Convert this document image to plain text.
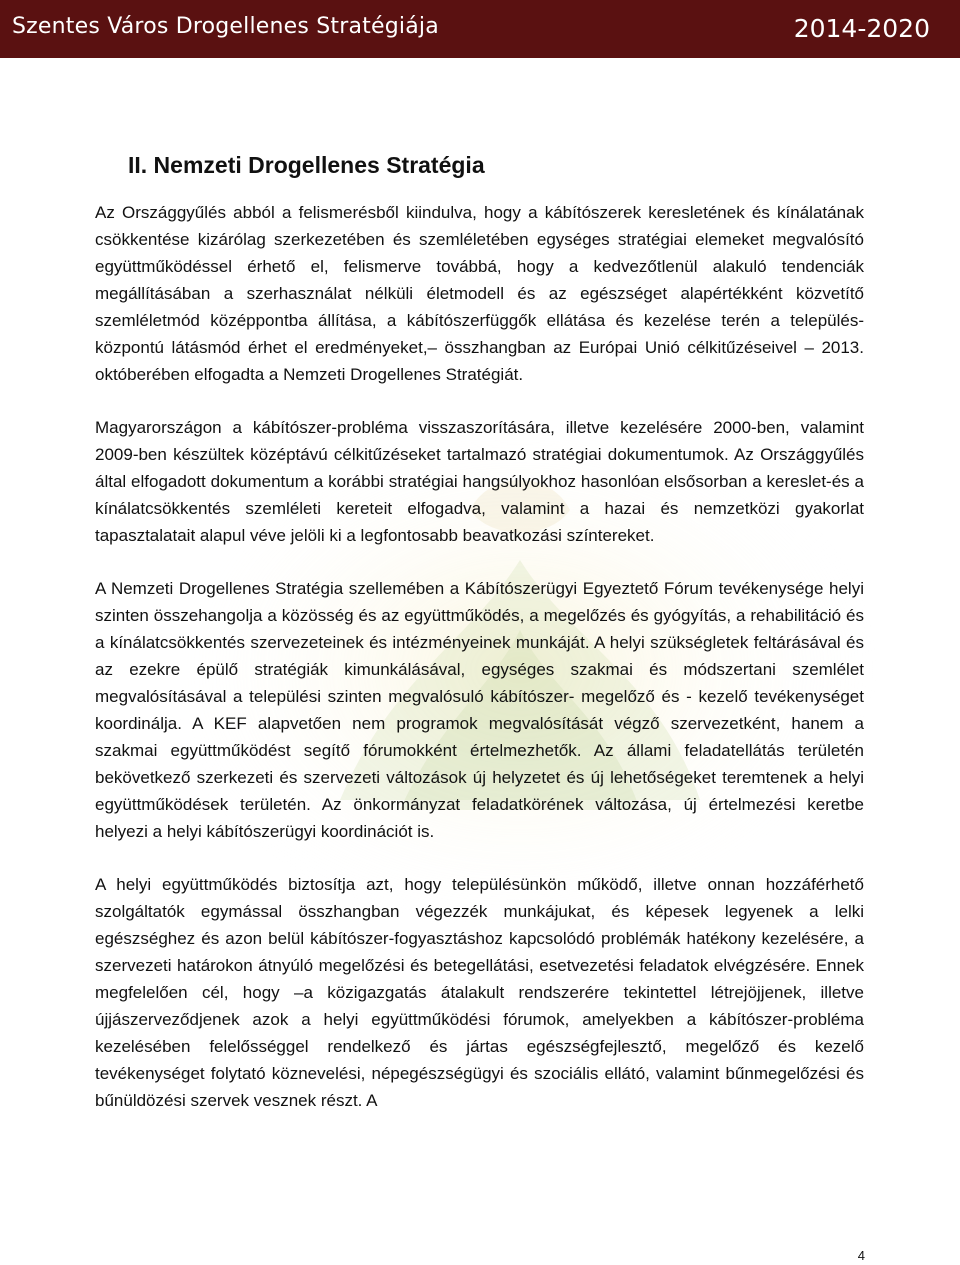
Szentes Város Drogellenes Stratégiája	2014-2020
II. Nemzeti Drogellenes Stratégia

Az Országgyűlés abból a felismerésből kiindulva, hogy a kábítószerek keresletének és kínálatának csökkentése kizárólag szerkezetében és szemléletében egységes stratégiai elemeket megvalósító együttműködéssel érhető el, felismerve továbbá, hogy a kedvezőtlenül alakuló tendenciák megállításában a szerhasználat nélküli életmodell és az egészséget alapértékként közvetítő szemléletmód középpontba állítása, a kábítószerfüggők ellátása és kezelése terén a település-központú látásmód érhet el eredményeket,– összhangban az Európai Unió célkitűzéseivel – 2013. októberében elfogadta a Nemzeti Drogellenes Stratégiát.

Magyarországon a kábítószer-probléma visszaszorítására, illetve kezelésére 2000-ben, valamint 2009-ben készültek középtávú célkitűzéseket tartalmazó stratégiai dokumentumok. Az Országgyűlés által elfogadott dokumentum a korábbi stratégiai hangsúlyokhoz hasonlóan elsősorban a kereslet-és a kínálatcsökkentés szemléleti kereteit elfogadva, valamint a hazai és nemzetközi gyakorlat tapasztalatait alapul véve jelöli ki a legfontosabb beavatkozási színtereket.

A Nemzeti Drogellenes Stratégia szellemében a Kábítószerügyi Egyeztető Fórum tevékenysége helyi szinten összehangolja a közösség és az együttműködés, a megelőzés és gyógyítás, a rehabilitáció és a kínálatcsökkentés szervezeteinek és intézményeinek munkáját. A helyi szükségletek feltárásával és az ezekre épülő stratégiák kimunkálásával, egységes szakmai és módszertani szemlélet megvalósításával a települési szinten megvalósuló kábítószer- megelőző és - kezelő tevékenységet koordinálja. A KEF alapvetően nem programok megvalósítását végző szervezetként, hanem a szakmai együttműködést segítő fórumokként értelmezhetők. Az állami feladatellátás területén bekövetkező szerkezeti és szervezeti változások új helyzetet és új lehetőségeket teremtenek a helyi együttműködések területén. Az önkormányzat feladatkörének változása, új értelmezési keretbe helyezi a helyi kábítószerügyi koordinációt is.

A helyi együttműködés biztosítja azt, hogy településünkön működő, illetve onnan hozzáférhető szolgáltatók egymással összhangban végezzék munkájukat, és képesek legyenek a lelki egészséghez és azon belül kábítószer-fogyasztáshoz kapcsolódó problémák hatékony kezelésére, a szervezeti határokon átnyúló megelőzési és betegellátási, esetvezetési feladatok elvégzésére. Ennek megfelelően cél, hogy –a közigazgatás átalakult rendszerére tekintettel létrejöjjenek, illetve újjászerveződjenek azok a helyi együttműködési fórumok, amelyekben a kábítószer-probléma kezelésében felelősséggel rendelkező és jártas egészségfejlesztő, megelőző és kezelő tevékenységet folytató köznevelési, népegészségügyi és szociális ellátó, valamint bűnmegelőzési és bűnüldözési szervek vesznek részt. A

4
